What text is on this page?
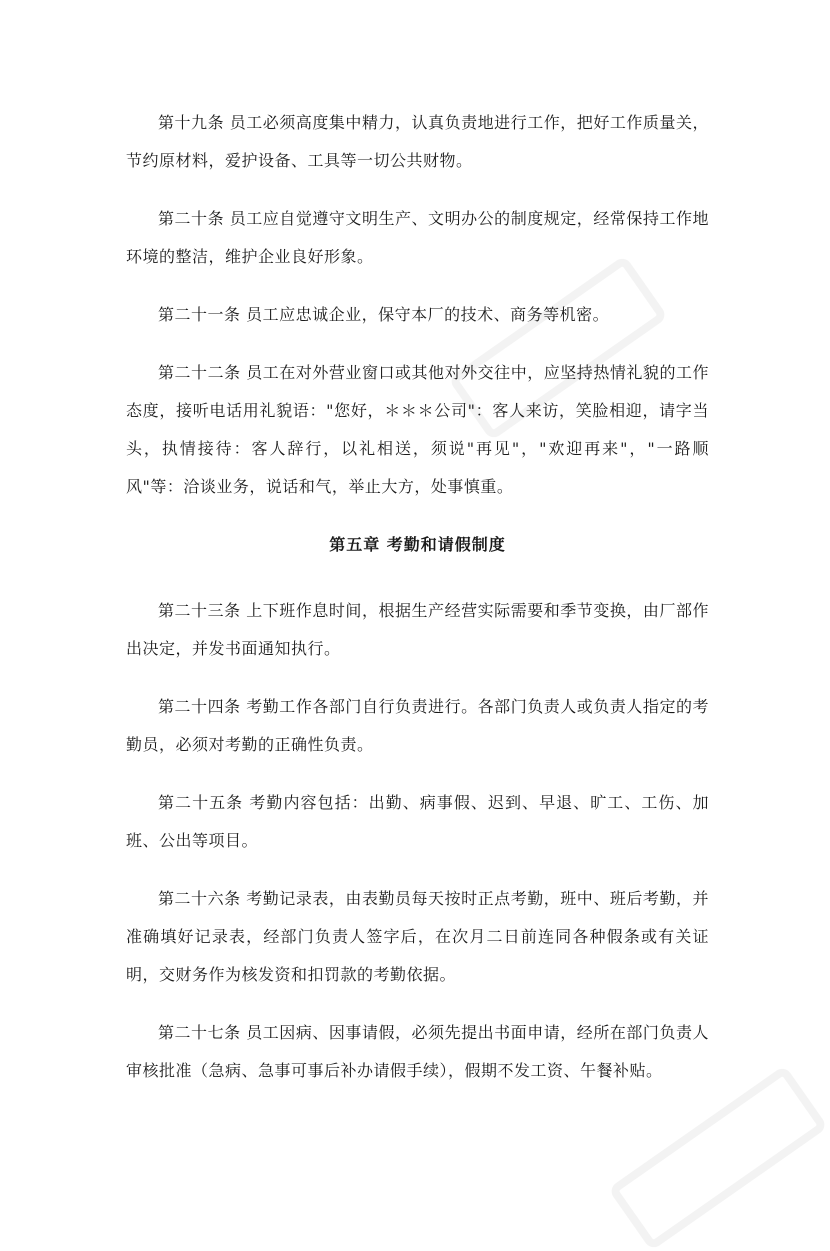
第十九条 员工必须高度集中精力，认真负责地进行工作，把好工作质量关，节约原材料，爱护设备、工具等一切公共财物。

第二十条 员工应自觉遵守文明生产、文明办公的制度规定，经常保持工作地环境的整洁，维护企业良好形象。

第二十一条 员工应忠诚企业，保守本厂的技术、商务等机密。

第二十二条 员工在对外营业窗口或其他对外交往中，应坚持热情礼貌的工作态度，接听电话用礼貌语："您好，＊＊＊公司"：客人来访，笑脸相迎，请字当头，执情接待：客人辞行，以礼相送，须说"再见"，"欢迎再来"，"一路顺风"等：洽谈业务，说话和气，举止大方，处事慎重。

第五章 考勤和请假制度

第二十三条 上下班作息时间，根据生产经营实际需要和季节变换，由厂部作出决定，并发书面通知执行。

第二十四条 考勤工作各部门自行负责进行。各部门负责人或负责人指定的考勤员，必须对考勤的正确性负责。

第二十五条 考勤内容包括：出勤、病事假、迟到、早退、旷工、工伤、加班、公出等项目。

第二十六条 考勤记录表，由表勤员每天按时正点考勤，班中、班后考勤，并准确填好记录表，经部门负责人签字后，在次月二日前连同各种假条或有关证明，交财务作为核发资和扣罚款的考勤依据。

第二十七条 员工因病、因事请假，必须先提出书面申请，经所在部门负责人审核批准（急病、急事可事后补办请假手续），假期不发工资、午餐补贴。
